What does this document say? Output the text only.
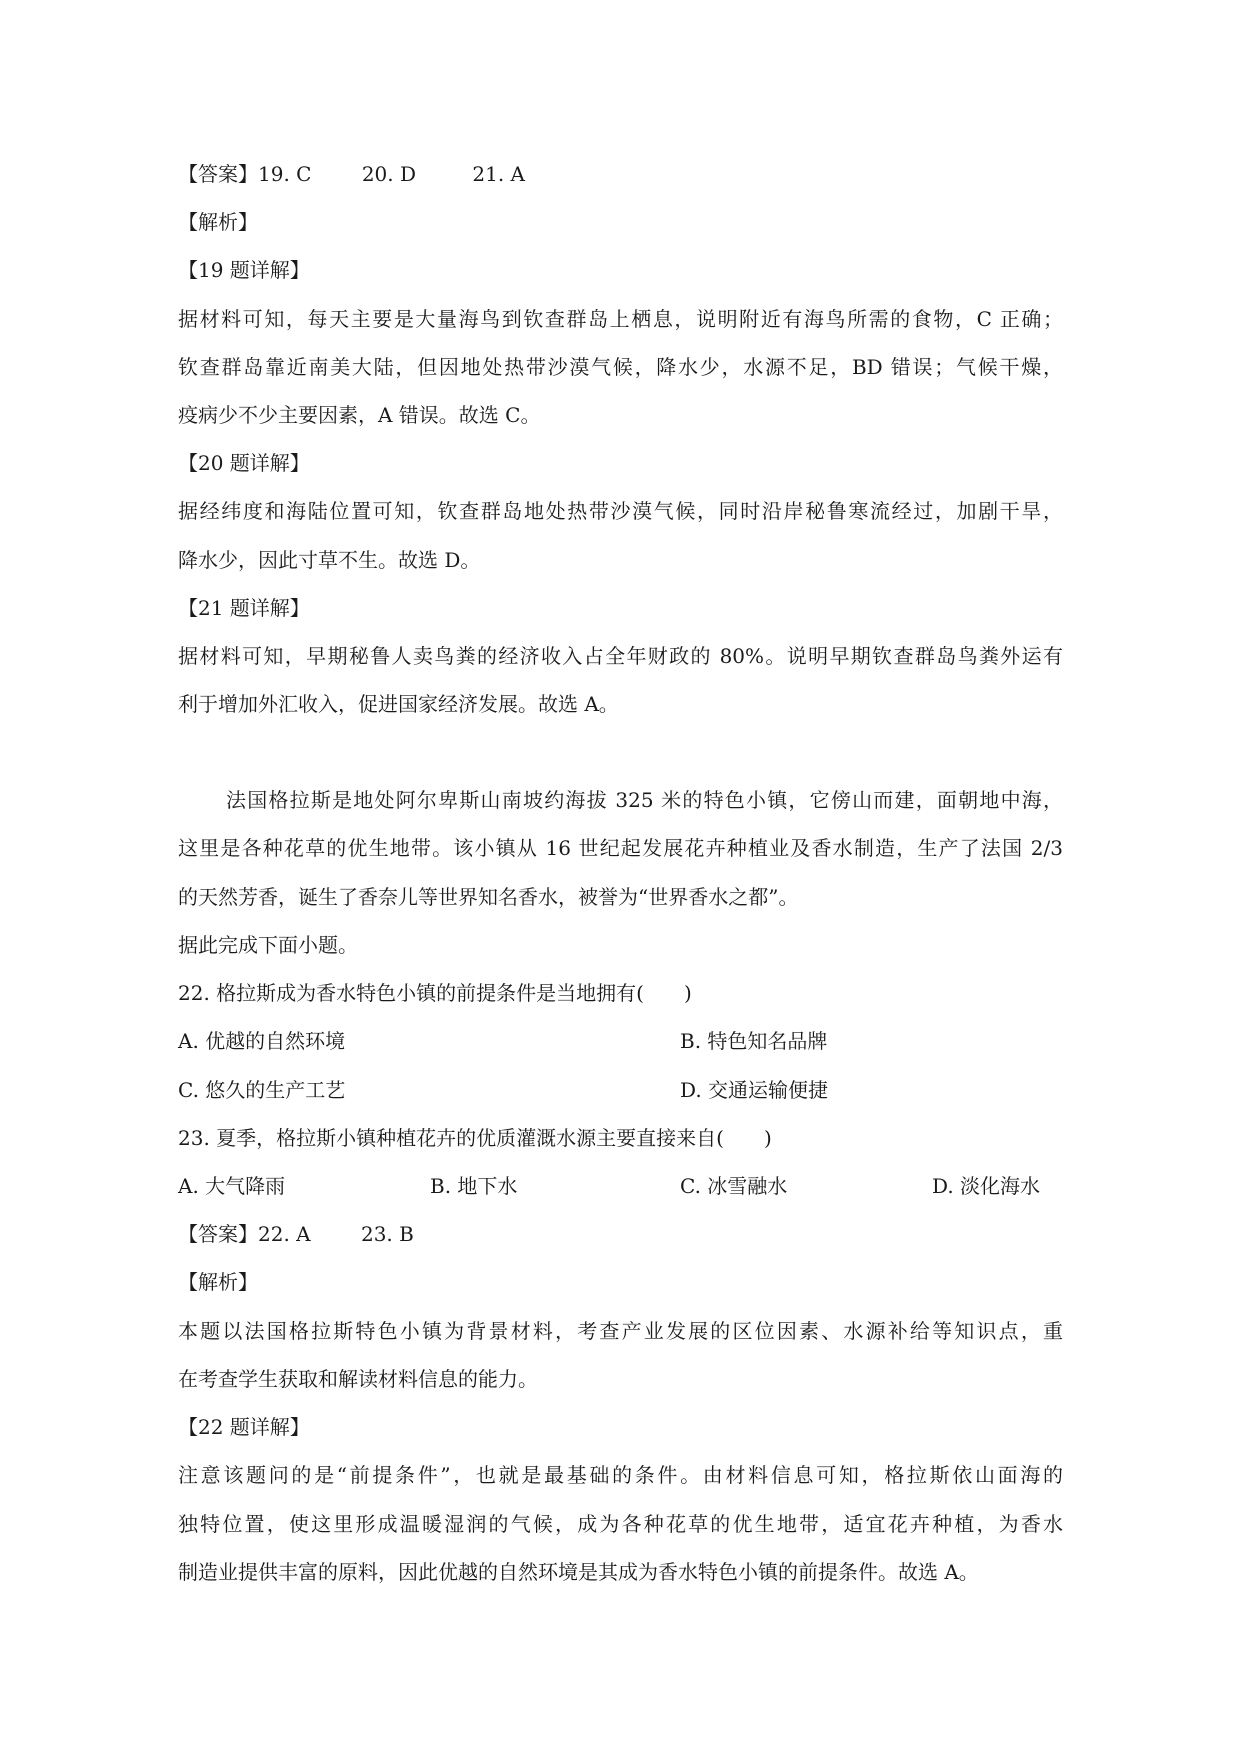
【答案】19. C	20. D	21. A
【解析】
【19 题详解】
据材料可知，每天主要是大量海鸟到钦查群岛上栖息，说明附近有海鸟所需的食物，C 正确；
钦查群岛靠近南美大陆，但因地处热带沙漠气候，降水少，水源不足，BD 错误；气候干燥，
疫病少不少主要因素，A 错误。故选 C。
【20 题详解】
据经纬度和海陆位置可知，钦查群岛地处热带沙漠气候，同时沿岸秘鲁寒流经过，加剧干旱，
降水少，因此寸草不生。故选 D。
【21 题详解】
据材料可知，早期秘鲁人卖鸟粪的经济收入占全年财政的 80%。说明早期钦查群岛鸟粪外运有
利于增加外汇收入，促进国家经济发展。故选 A。
法国格拉斯是地处阿尔卑斯山南坡约海拔 325 米的特色小镇，它傍山而建，面朝地中海，
这里是各种花草的优生地带。该小镇从 16 世纪起发展花卉种植业及香水制造，生产了法国 2/3
的天然芳香，诞生了香奈儿等世界知名香水，被誉为“世界香水之都”。
据此完成下面小题。
22. 格拉斯成为香水特色小镇的前提条件是当地拥有(　　)
A. 优越的自然环境	B. 特色知名品牌
C. 悠久的生产工艺	D. 交通运输便捷
23. 夏季，格拉斯小镇种植花卉的优质灌溉水源主要直接来自(　　)
A. 大气降雨	B. 地下水	C. 冰雪融水	D. 淡化海水
【答案】22. A	23. B
【解析】
本题以法国格拉斯特色小镇为背景材料，考查产业发展的区位因素、水源补给等知识点，重
在考查学生获取和解读材料信息的能力。
【22 题详解】
注意该题问的是“前提条件”，也就是最基础的条件。由材料信息可知，格拉斯依山面海的
独特位置，使这里形成温暖湿润的气候，成为各种花草的优生地带，适宜花卉种植，为香水
制造业提供丰富的原料，因此优越的自然环境是其成为香水特色小镇的前提条件。故选 A。
